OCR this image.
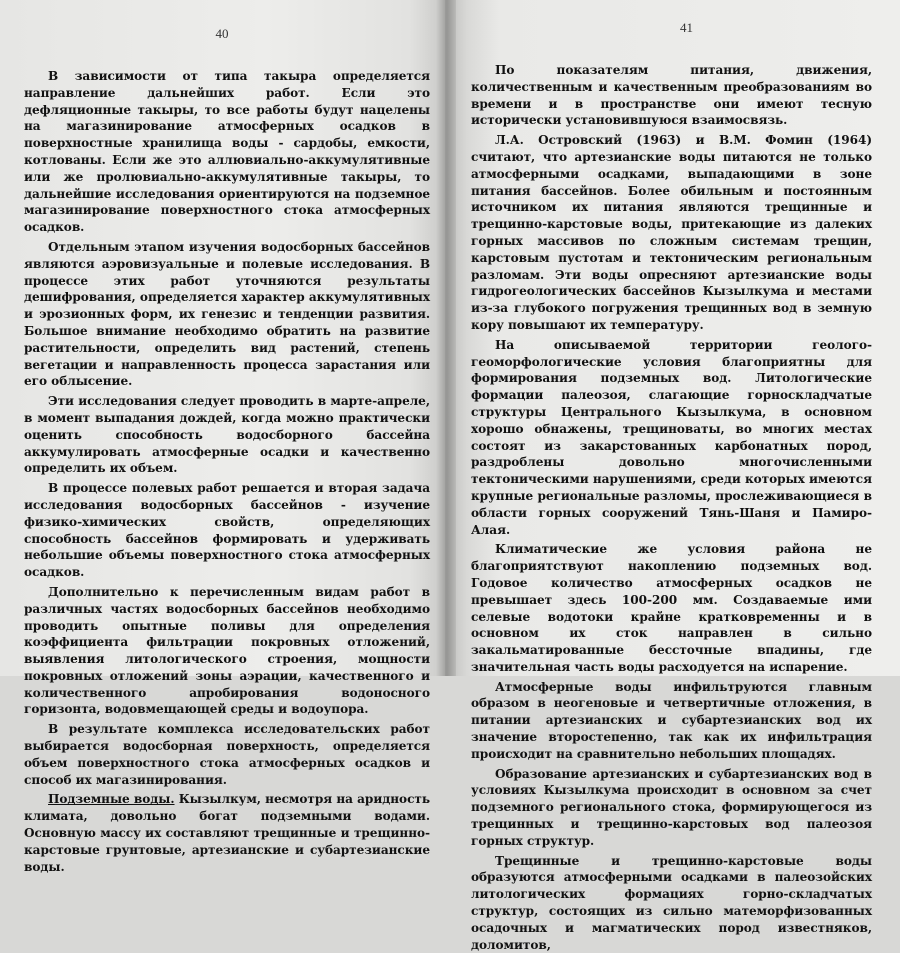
40

В зависимости от типа такыра определяется направление дальнейших работ. Если это дефляционные такыры, то все работы будут нацелены на магазинирование атмосферных осадков в поверхностные хранилища воды - сардобы, емкости, котлованы. Если же это аллювиально-аккумулятивные или же пролювиально-аккумулятивные такыры, то дальнейшие исследования ориентируются на подземное магазинирование поверхностного стока атмосферных осадков.

Отдельным этапом изучения водосборных бассейнов являются аэровизуальные и полевые исследования. В процессе этих работ уточняются результаты дешифрования, определяется характер аккумулятивных и эрозионных форм, их генезис и тенденции развития. Большое внимание необходимо обратить на развитие растительности, определить вид растений, степень вегетации и направленность процесса зарастания или его облысение.

Эти исследования следует проводить в марте-апреле, в момент выпадания дождей, когда можно практически оценить способность водосборного бассейна аккумулировать атмосферные осадки и качественно определить их объем.

В процессе полевых работ решается и вторая задача исследования водосборных бассейнов - изучение физико-химических свойств, определяющих способность бассейнов формировать и удерживать небольшие объемы поверхностного стока атмосферных осадков.

Дополнительно к перечисленным видам работ в различных частях водосборных бассейнов необходимо проводить опытные поливы для определения коэффициента фильтрации покровных отложений, выявления литологического строения, мощности покровных отложений зоны аэрации, качественного и количественного апробирования водоносного горизонта, водовмещающей среды и водоупора.

В результате комплекса исследовательских работ выбирается водосборная поверхность, определяется объем поверхностного стока атмосферных осадков и способ их магазинирования.

Подземные воды. Кызылкум, несмотря на аридность климата, довольно богат подземными водами. Основную массу их составляют трещинные и трещинно-карстовые грунтовые, артезианские и субартезианские воды.

41

По показателям питания, движения, количественным и качественным преобразованиям во времени и в пространстве они имеют тесную исторически установившуюся взаимосвязь.

Л.А. Островский (1963) и В.М. Фомин (1964) считают, что артезианские воды питаются не только атмосферными осадками, выпадающими в зоне питания бассейнов. Более обильным и постоянным источником их питания являются трещинные и трещинно-карстовые воды, притекающие из далеких горных массивов по сложным системам трещин, карстовым пустотам и тектоническим региональным разломам. Эти воды опресняют артезианские воды гидрогеологических бассейнов Кызылкума и местами из-за глубокого погружения трещинных вод в земную кору повышают их температуру.

На описываемой территории геолого-геоморфологические условия благоприятны для формирования подземных вод. Литологические формации палеозоя, слагающие горноскладчатые структуры Центрального Кызылкума, в основном хорошо обнажены, трещиноваты, во многих местах состоят из закарстованных карбонатных пород, раздроблены довольно многочисленными тектоническими нарушениями, среди которых имеются крупные региональные разломы, прослеживающиеся в области горных сооружений Тянь-Шаня и Памиро-Алая.

Климатические же условия района не благоприятствуют накоплению подземных вод. Годовое количество атмосферных осадков не превышает здесь 100-200 мм. Создаваемые ими селевые водотоки крайне кратковременны и в основном их сток направлен в сильно закальматированные бессточные впадины, где значительная часть воды расходуется на испарение.

Атмосферные воды инфильтруются главным образом в неогеновые и четвертичные отложения, в питании артезианских и субартезианских вод их значение второстепенно, так как их инфильтрация происходит на сравнительно небольших площадях.

Образование артезианских и субартезианских вод в условиях Кызылкума происходит в основном за счет подземного регионального стока, формирующегося из трещинных и трещинно-карстовых вод палеозоя горных структур.

Трещинные и трещинно-карстовые воды образуются атмосферными осадками в палеозойских литологических формациях горно-складчатых структур, состоящих из сильно матеморфизованных осадочных и магматических пород известняков, доломитов,
